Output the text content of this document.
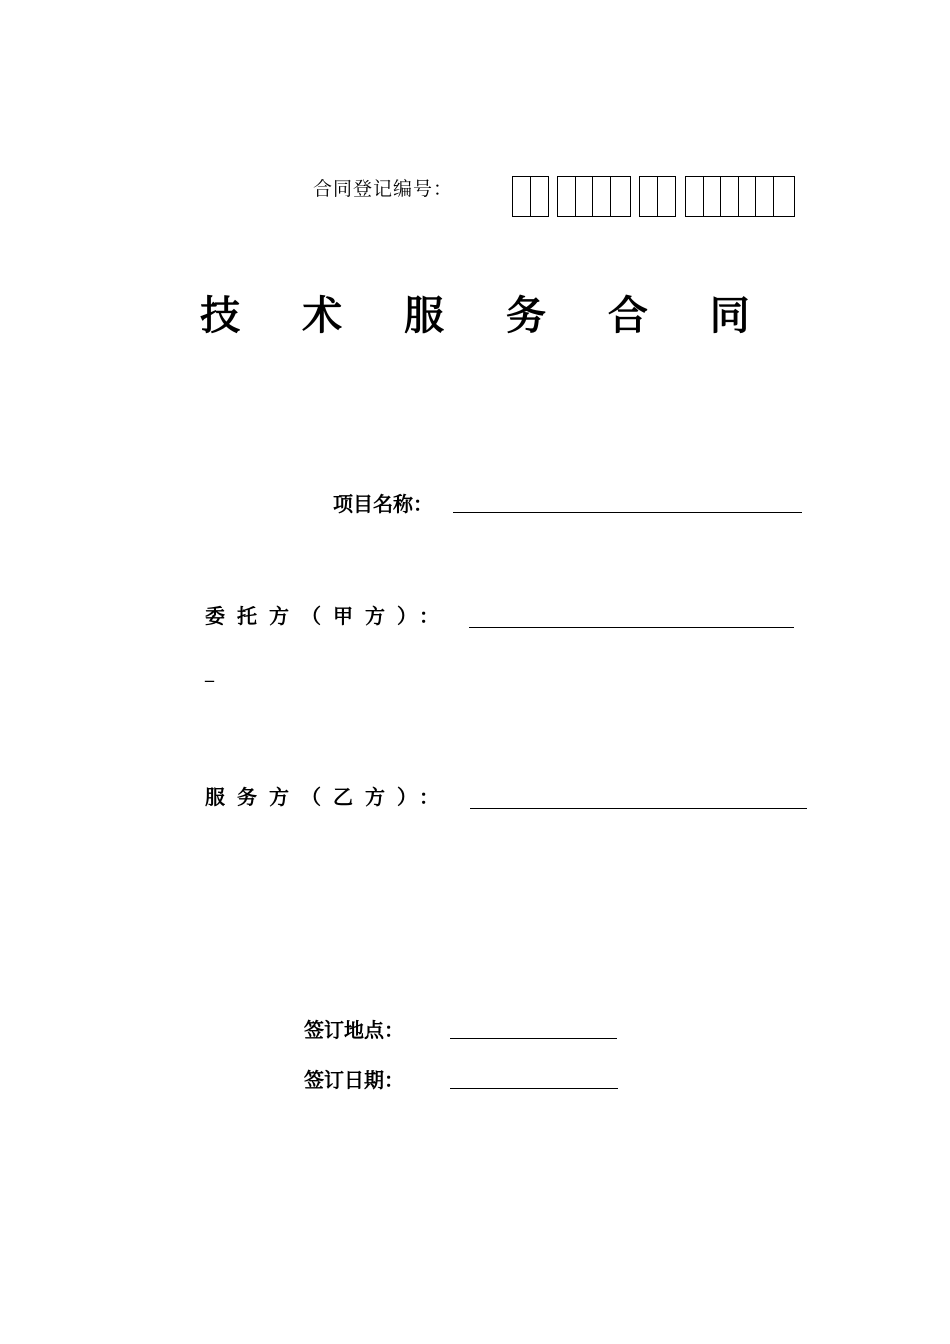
合同登记编号：
技 术 服 务 合 同
项目名称：
委托方（甲方）：
_
服务方（乙方）：
签订地点：
签订日期：
